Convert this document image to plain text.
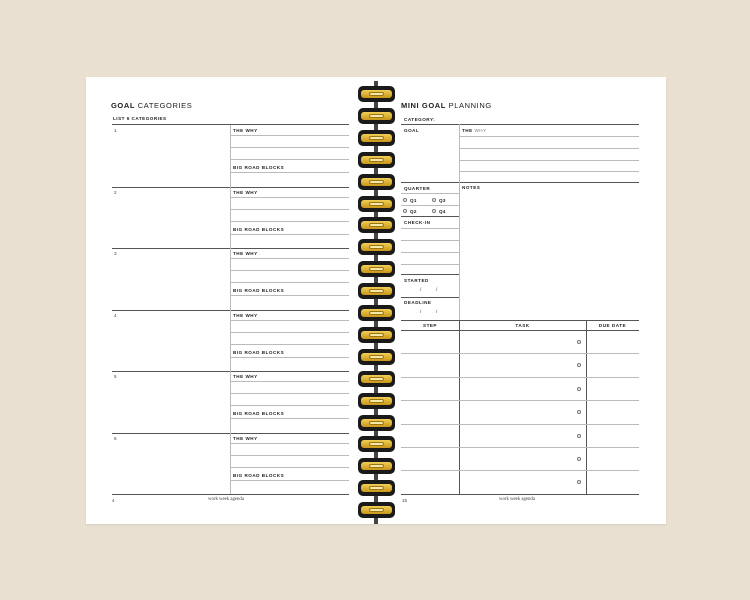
GOAL CATEGORIES
LIST 6 CATEGORIES
1	THE WHY
BIG ROAD BLOCKS
2	THE WHY
BIG ROAD BLOCKS
3	THE WHY
BIG ROAD BLOCKS
4	THE WHY
BIG ROAD BLOCKS
5	THE WHY
BIG ROAD BLOCKS
6	THE WHY
BIG ROAD BLOCKS
4	work week agenda
MINI GOAL PLANNING
CATEGORY:
GOAL	THE WHY
NOTES
QUARTER
Q1	Q3
Q2	Q4
CHECK-IN
STARTED
/	/
DEADLINE
/	/
STEP	TASK	DUE DATE
15	work week agenda
